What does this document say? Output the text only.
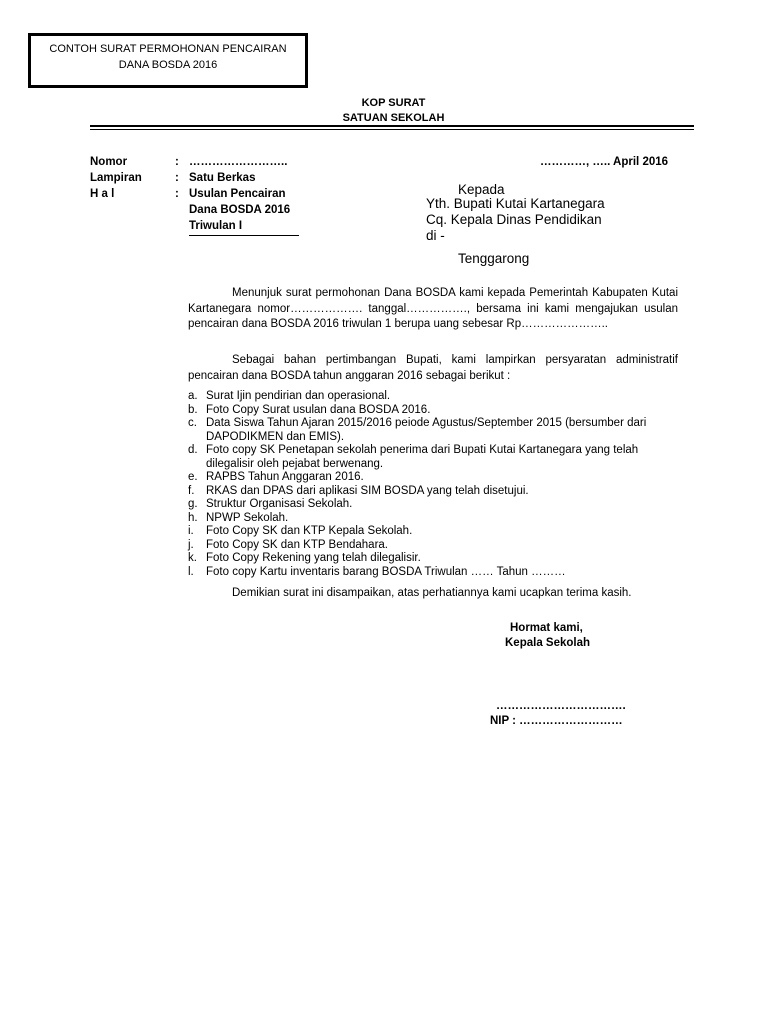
CONTOH SURAT PERMOHONAN PENCAIRAN
DANA BOSDA 2016
KOP SURAT
SATUAN SEKOLAH
Nomor	: ……………………..
Lampiran	: Satu Berkas
H a l	: Usulan Pencairan
Dana BOSDA 2016
Triwulan I
…………, ….. April 2016
Kepada
Yth. Bupati Kutai Kartanegara
Cq. Kepala Dinas Pendidikan
di -
Tenggarong
Menunjuk surat permohonan Dana BOSDA kami kepada Pemerintah Kabupaten Kutai Kartanegara nomor………………. tanggal……………., bersama ini kami mengajukan usulan pencairan dana BOSDA 2016 triwulan 1 berupa uang sebesar Rp…………………..
Sebagai bahan pertimbangan Bupati, kami lampirkan persyaratan administratif pencairan dana BOSDA tahun anggaran 2016 sebagai berikut :
a. Surat Ijin pendirian dan operasional.
b. Foto Copy Surat usulan dana BOSDA 2016.
c. Data Siswa Tahun Ajaran 2015/2016 peiode Agustus/September 2015 (bersumber dari DAPODIKMEN dan EMIS).
d. Foto copy SK Penetapan sekolah penerima dari Bupati Kutai Kartanegara yang telah dilegalisir oleh pejabat berwenang.
e. RAPBS Tahun Anggaran 2016.
f. RKAS dan DPAS dari aplikasi SIM BOSDA yang telah disetujui.
g. Struktur Organisasi Sekolah.
h. NPWP Sekolah.
i. Foto Copy SK dan KTP Kepala Sekolah.
j. Foto Copy SK dan KTP Bendahara.
k. Foto Copy Rekening yang telah dilegalisir.
l. Foto copy Kartu inventaris barang BOSDA Triwulan …… Tahun ………
Demikian surat ini disampaikan, atas perhatiannya kami ucapkan terima kasih.
Hormat kami,
Kepala Sekolah
…………………………….
NIP : ………………………
